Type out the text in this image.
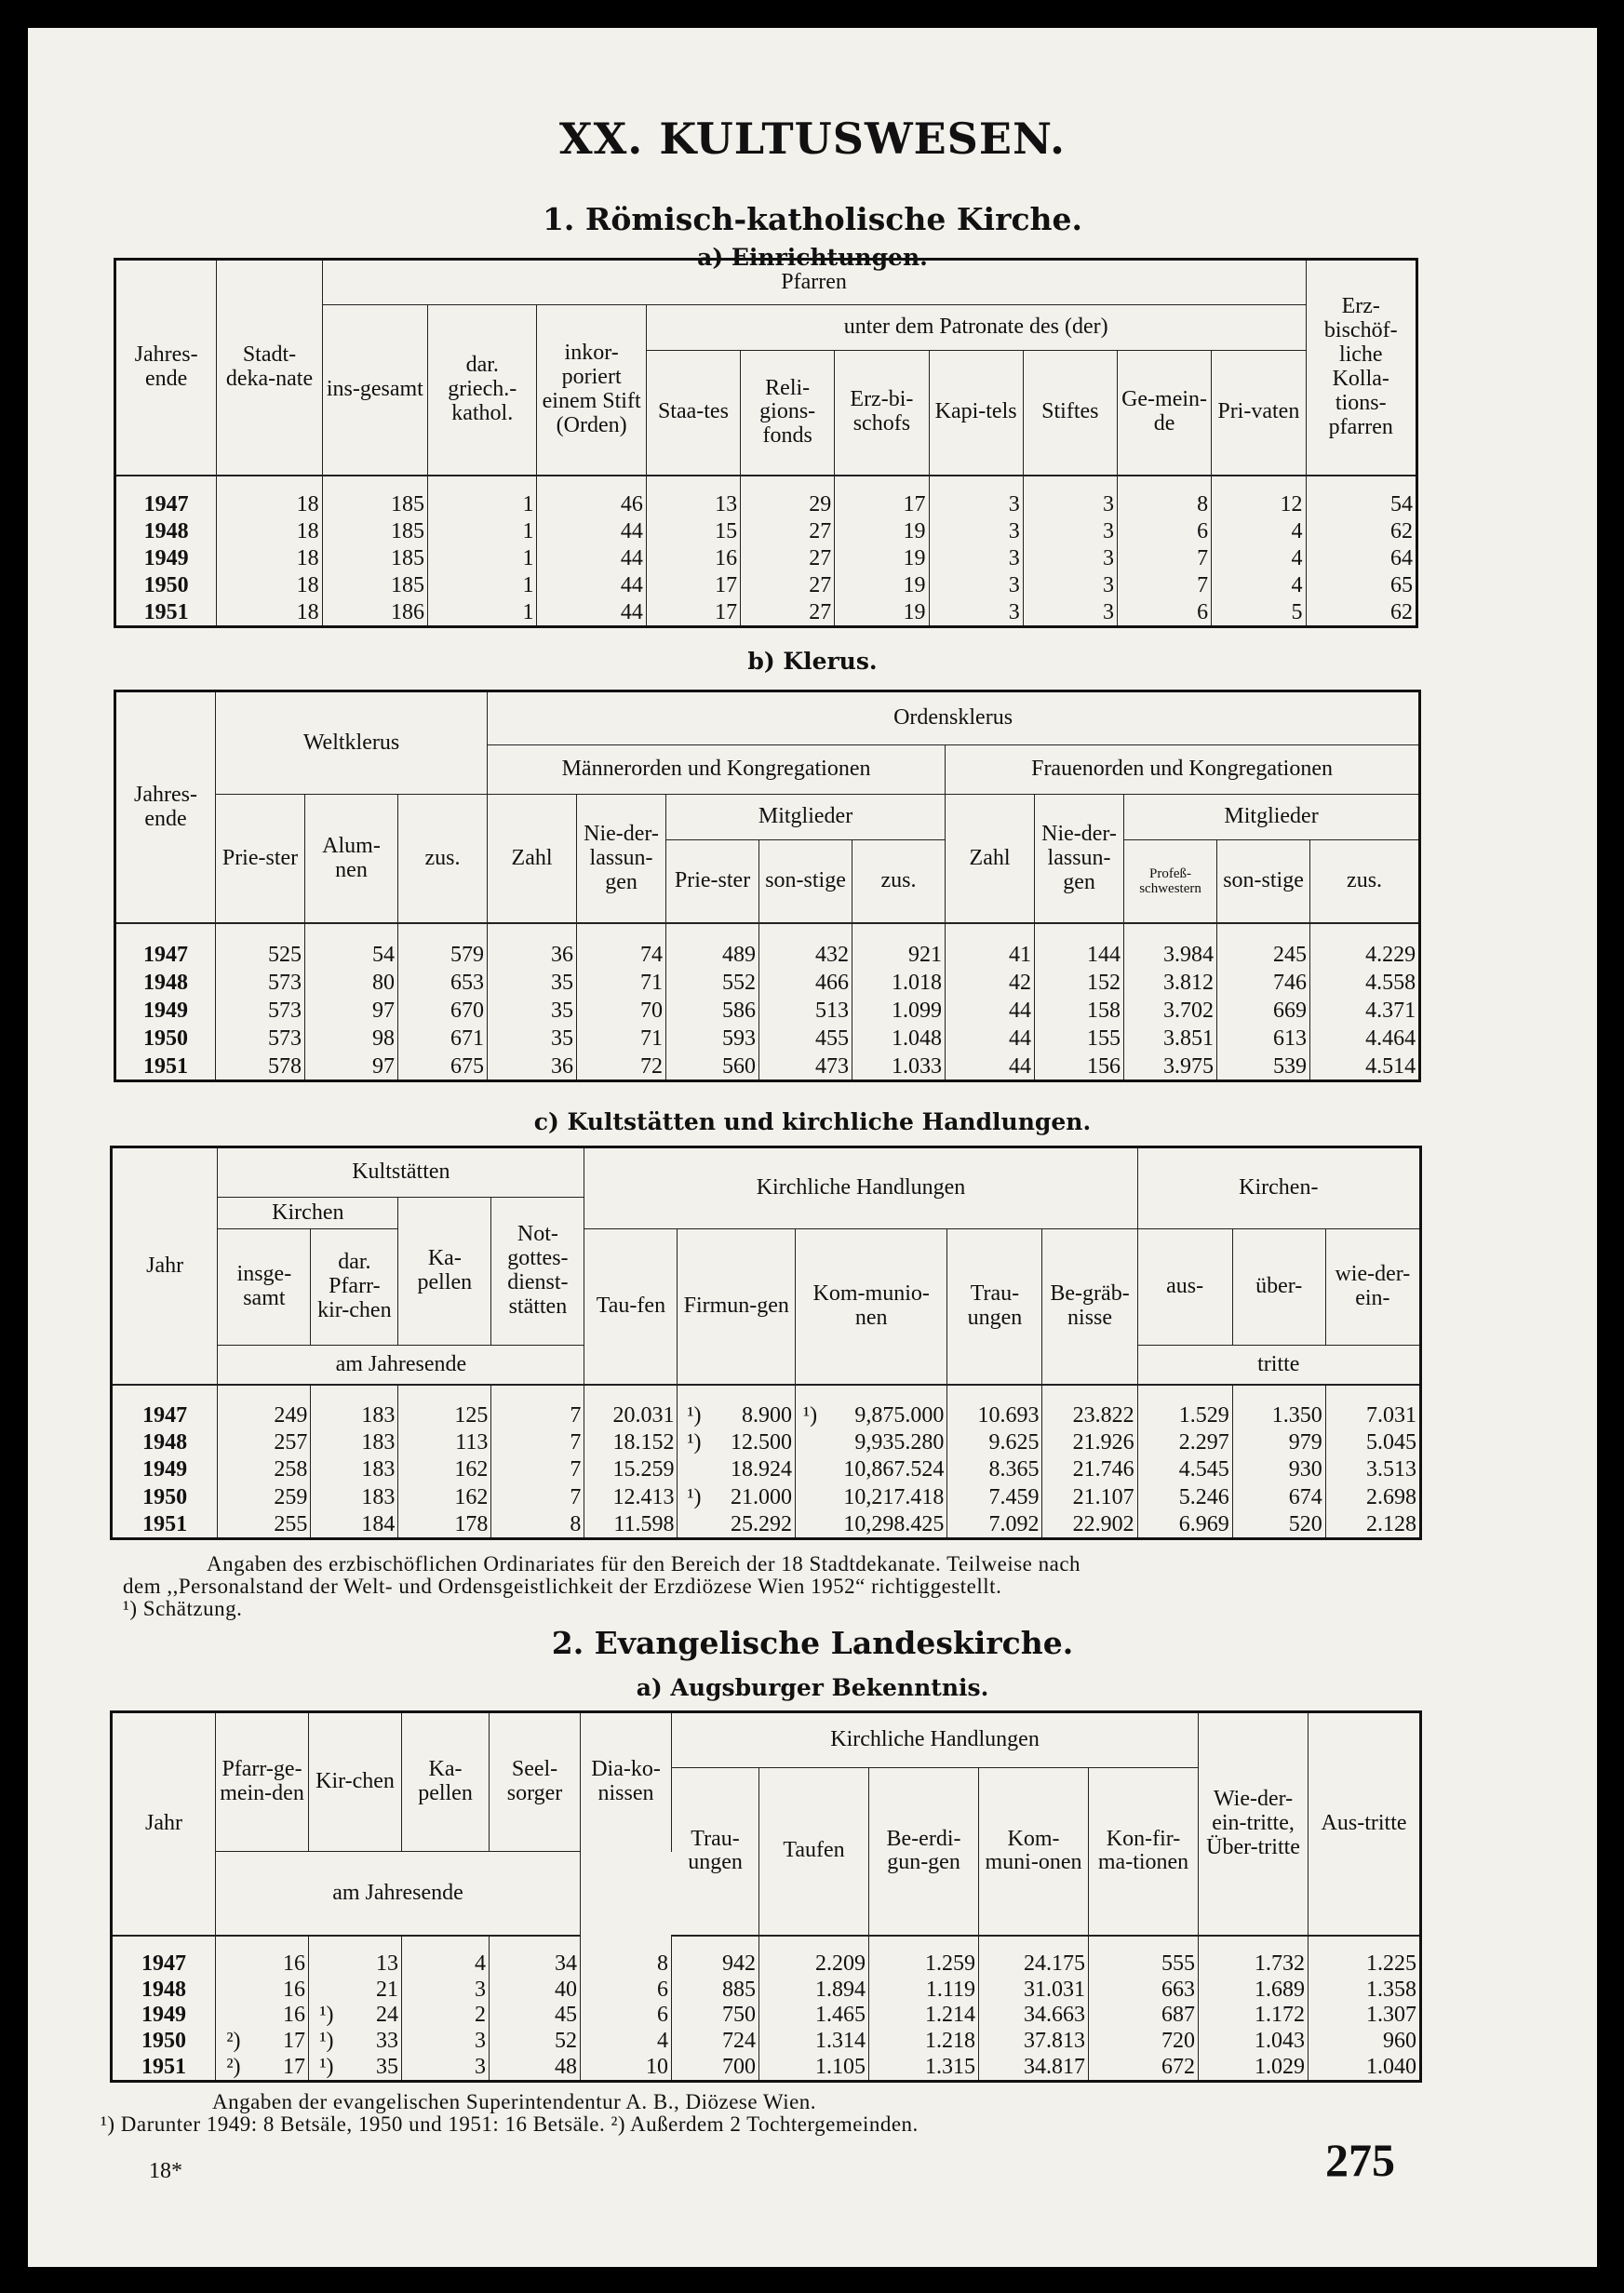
XX. KULTUSWESEN.
1. Römisch-katholische Kirche.
a) Einrichtungen.
Jahres-ende	Stadt-deka-nate	Pfarren										Erz-bischöf-liche Kolla-tions-pfarren
		ins-gesamt	dar. griech.-kathol.	inkor-poriert einem Stift (Orden)	unter dem Patronate des (der)							
					Staa-tes	Reli-gions-fonds	Erz-bi-schofs	Kapi-tels	Stiftes	Ge-mein-de	Pri-vaten	
1947	18	185	1	46	13	29	17	3	3	8	12	54
1948	18	185	1	44	15	27	19	3	3	6	4	62
1949	18	185	1	44	16	27	19	3	3	7	4	64
1950	18	185	1	44	17	27	19	3	3	7	4	65
1951	18	186	1	44	17	27	19	3	3	6	5	62
b) Klerus.
Jahres-ende	Weltklerus			Ordensklerus									
				Männerorden und Kongregationen					Frauenorden und Kongregationen				
	Prie-ster	Alum-nen	zus.	Zahl	Nie-der-lassun-gen	Mitglieder			Zahl	Nie-der-lassun-gen	Mitglieder		
						Prie-ster	son-stige	zus.			Profeß-schwestern	son-stige	zus.
1947	525	54	579	36	74	489	432	921	41	144	3.984	245	4.229
1948	573	80	653	35	71	552	466	1.018	42	152	3.812	746	4.558
1949	573	97	670	35	70	586	513	1.099	44	158	3.702	669	4.371
1950	573	98	671	35	71	593	455	1.048	44	155	3.851	613	4.464
1951	578	97	675	36	72	560	473	1.033	44	156	3.975	539	4.514
c) Kultstätten und kirchliche Handlungen.
Jahr	Kultstätten				Kirchliche Handlungen							Kirchen-		
	Kirchen		Ka-pellen	Not-gottes-dienst-stätten										
	insge-samt	dar. Pfarr-kir-chen			Tau-fen	Firmun-gen		Kom-munio-nen		Trau-ungen	Be-gräb-nisse	aus-	über-	wie-der-ein-
	am Jahresende											tritte		
1947	249	183	125	7	20.031	¹)	8.900	¹)	9,875.000	10.693	23.822	1.529	1.350	7.031
1948	257	183	113	7	18.152	¹)	12.500		9,935.280	9.625	21.926	2.297	979	5.045
1949	258	183	162	7	15.259		18.924		10,867.524	8.365	21.746	4.545	930	3.513
1950	259	183	162	7	12.413	¹)	21.000		10,217.418	7.459	21.107	5.246	674	2.698
1951	255	184	178	8	11.598		25.292		10,298.425	7.092	22.902	6.969	520	2.128
Angaben des erzbischöflichen Ordinariates für den Bereich der 18 Stadtdekanate. Teilweise nach
dem ,,Personalstand der Welt- und Ordensgeistlichkeit der Erzdiözese Wien 1952“ richtiggestellt.
¹) Schätzung.
2. Evangelische Landeskirche.
a) Augsburger Bekenntnis.
Jahr	Pfarr-ge-mein-den		Kir-chen		Ka-pellen	Seel-sorger	Dia-ko-nissen	Kirchliche Handlungen					Wie-der-ein-tritte, Über-tritte	Aus-tritte
								Trau-ungen	Taufen	Be-erdi-gun-gen	Kom-muni-onen	Kon-fir-ma-tionen		
	am Jahresende													
1947		16		13	4	34	8	942	2.209	1.259	24.175	555	1.732	1.225
1948		16		21	3	40	6	885	1.894	1.119	31.031	663	1.689	1.358
1949		16	¹)	24	2	45	6	750	1.465	1.214	34.663	687	1.172	1.307
1950	²)	17	¹)	33	3	52	4	724	1.314	1.218	37.813	720	1.043	960
1951	²)	17	¹)	35	3	48	10	700	1.105	1.315	34.817	672	1.029	1.040
Angaben der evangelischen Superintendentur A. B., Diözese Wien.
¹) Darunter 1949: 8 Betsäle, 1950 und 1951: 16 Betsäle. ²) Außerdem 2 Tochtergemeinden.
18*	275
